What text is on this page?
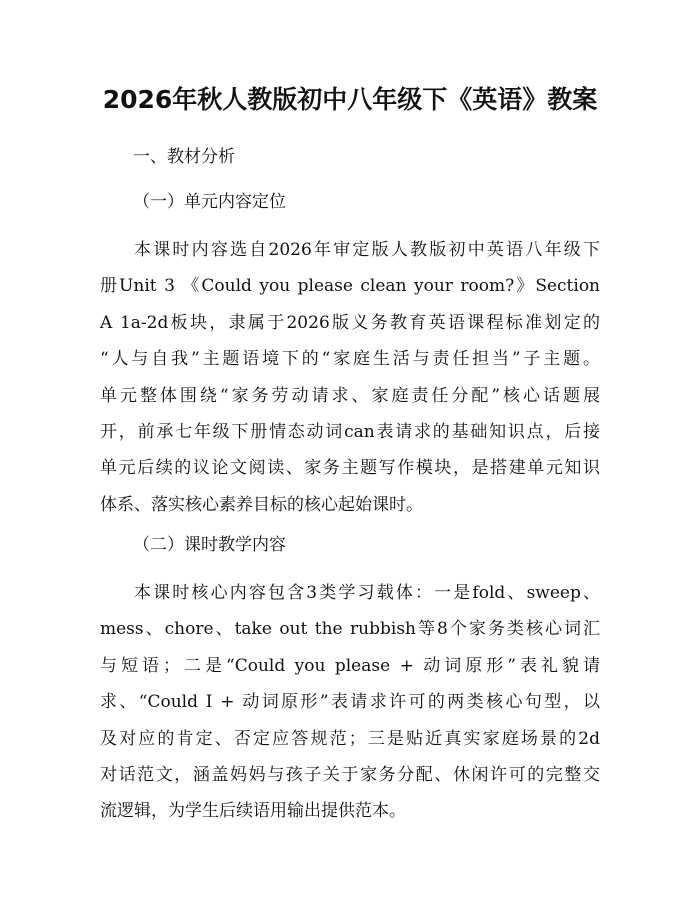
2026年秋人教版初中八年级下《英语》教案
一、教材分析
（一）单元内容定位
本课时内容选自2026年审定版人教版初中英语八年级下
册Unit 3 《Could you please clean your room?》Section
A 1a-2d板块，隶属于2026版义务教育英语课程标准划定的
“人与自我”主题语境下的“家庭生活与责任担当”子主题。
单元整体围绕“家务劳动请求、家庭责任分配”核心话题展
开，前承七年级下册情态动词can表请求的基础知识点，后接
单元后续的议论文阅读、家务主题写作模块，是搭建单元知识
体系、落实核心素养目标的核心起始课时。
（二）课时教学内容
本课时核心内容包含3类学习载体：一是fold、sweep、
mess、chore、take out the rubbish等8个家务类核心词汇
与短语；二是“Could you please + 动词原形”表礼貌请
求、“Could I + 动词原形”表请求许可的两类核心句型，以
及对应的肯定、否定应答规范；三是贴近真实家庭场景的2d
对话范文，涵盖妈妈与孩子关于家务分配、休闲许可的完整交
流逻辑，为学生后续语用输出提供范本。
